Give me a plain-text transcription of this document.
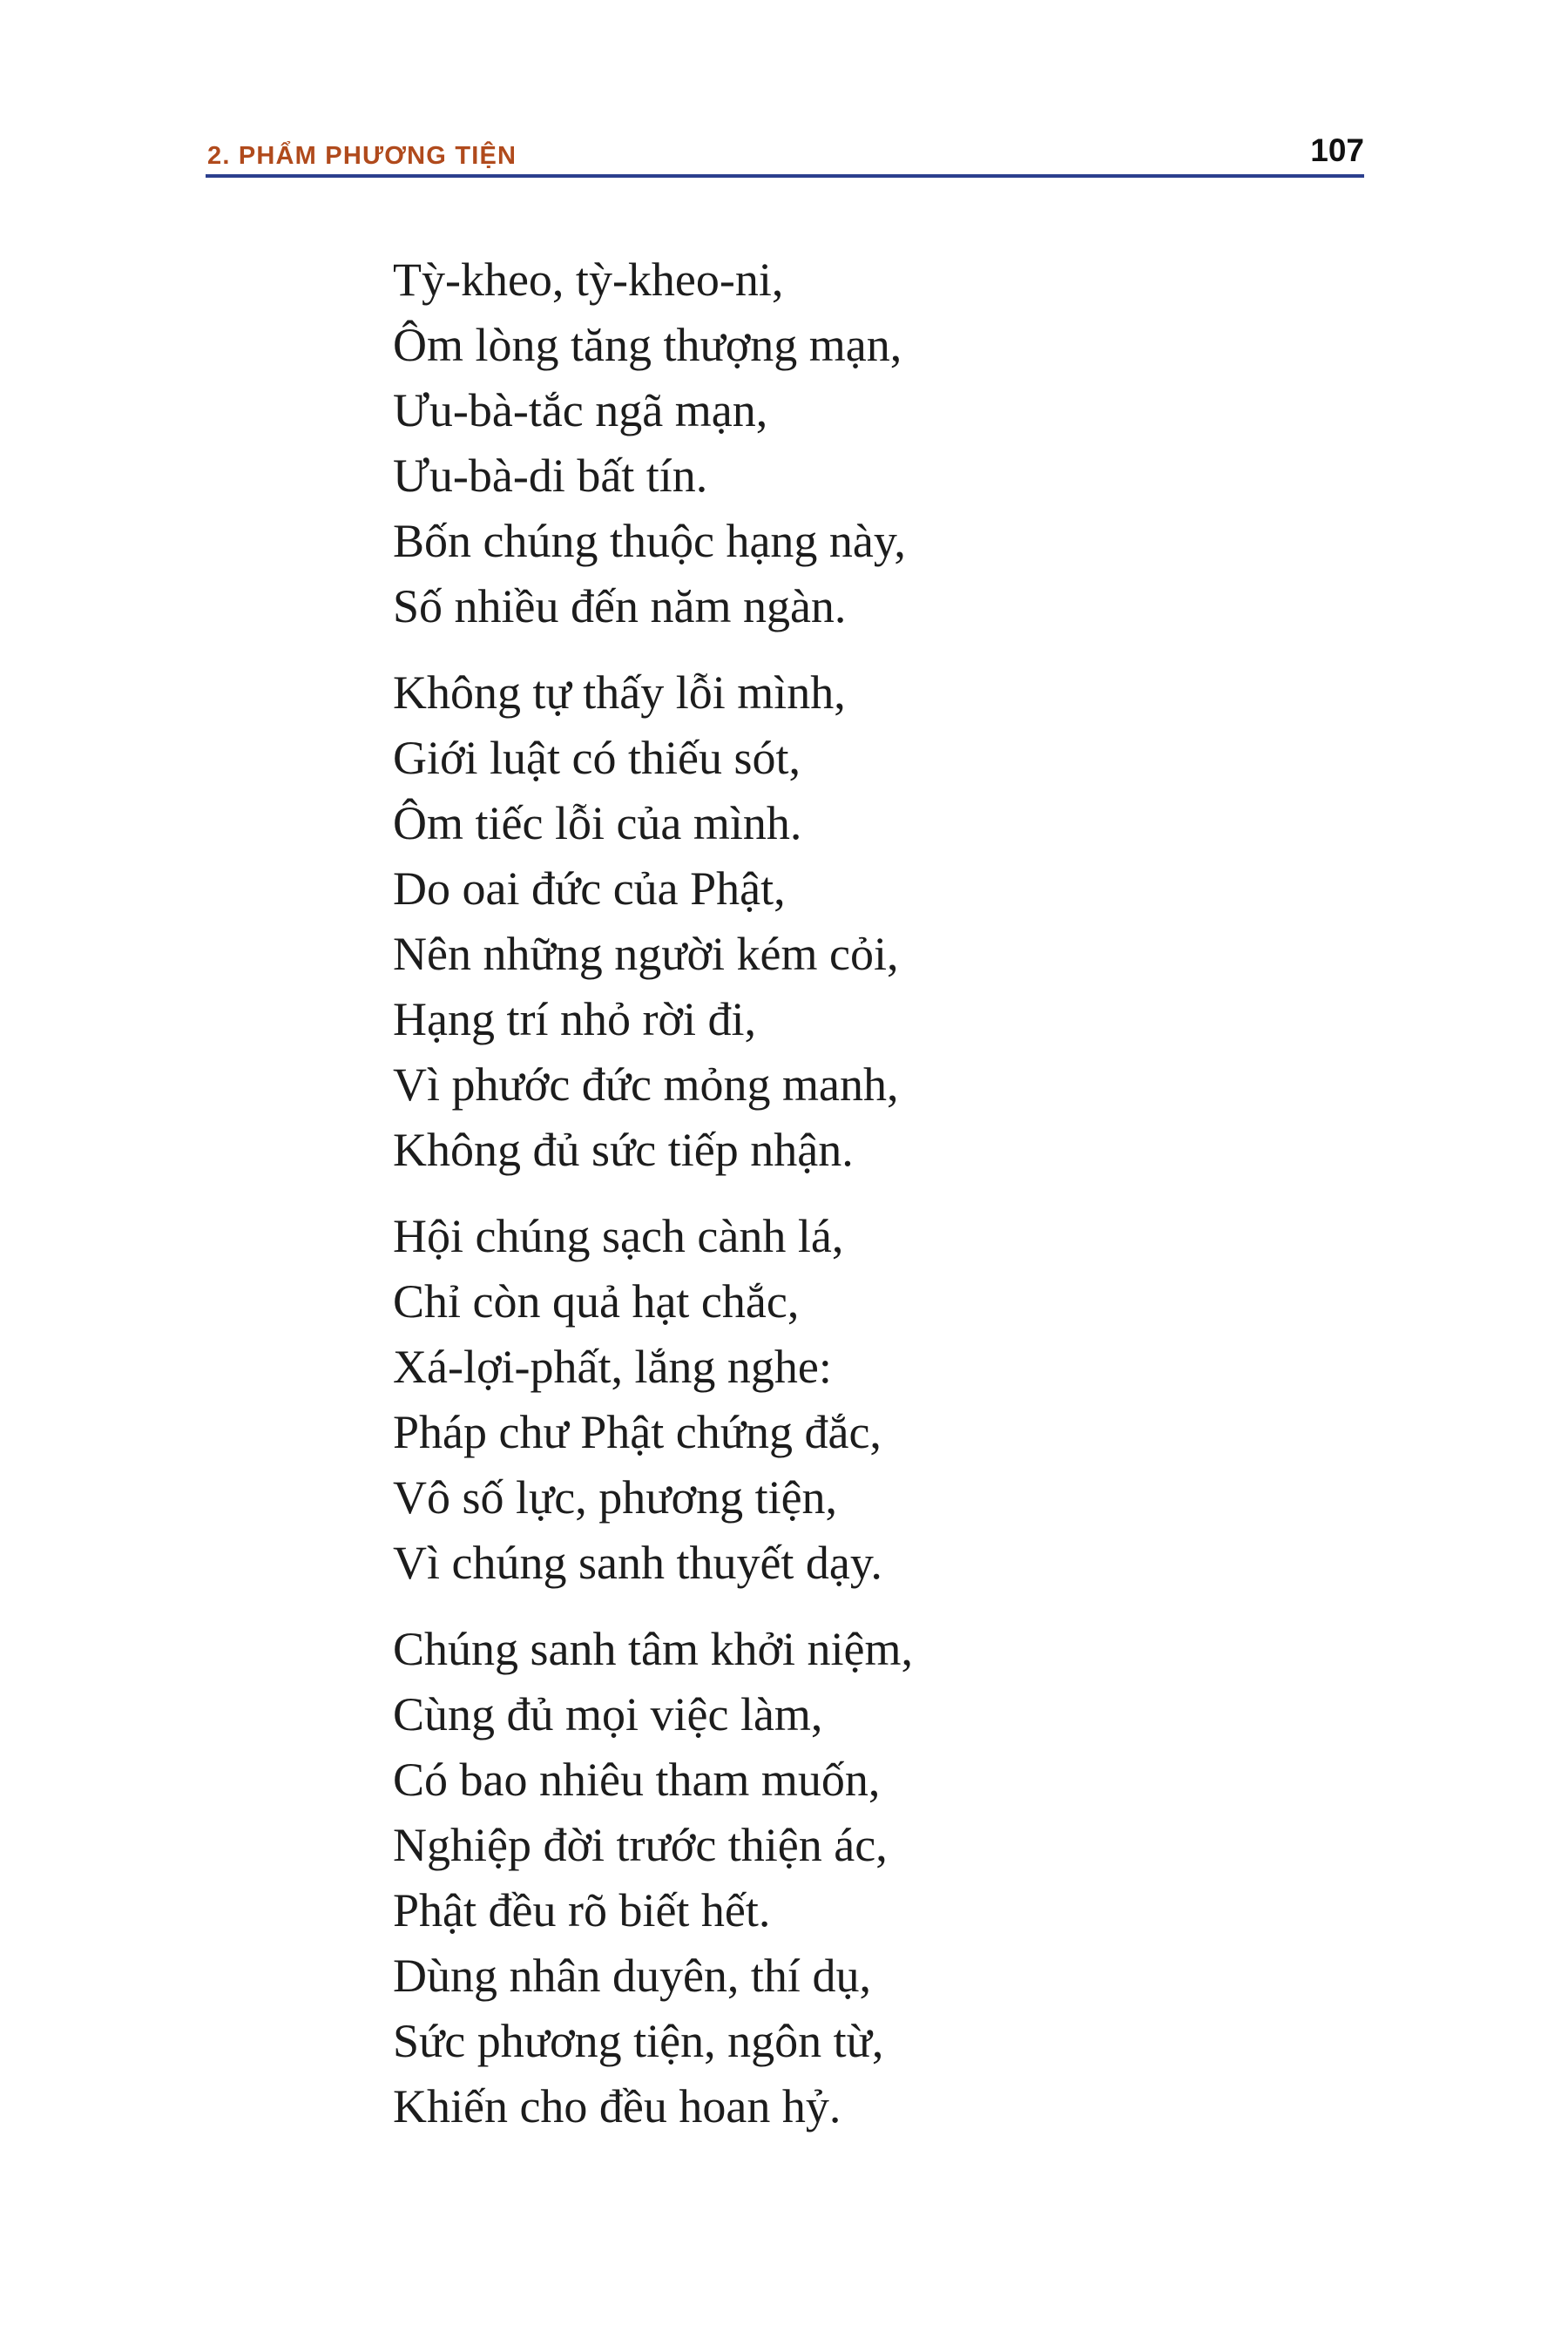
2. PHẨM PHƯƠNG TIỆN	107
Tỳ-kheo, tỳ-kheo-ni,
Ôm lòng tăng thượng mạn,
Ưu-bà-tắc ngã mạn,
Ưu-bà-di bất tín.
Bốn chúng thuộc hạng này,
Số nhiều đến năm ngàn.
Không tự thấy lỗi mình,
Giới luật có thiếu sót,
Ôm tiếc lỗi của mình.
Do oai đức của Phật,
Nên những người kém cỏi,
Hạng trí nhỏ rời đi,
Vì phước đức mỏng manh,
Không đủ sức tiếp nhận.
Hội chúng sạch cành lá,
Chỉ còn quả hạt chắc,
Xá-lợi-phất, lắng nghe:
Pháp chư Phật chứng đắc,
Vô số lực, phương tiện,
Vì chúng sanh thuyết dạy.
Chúng sanh tâm khởi niệm,
Cùng đủ mọi việc làm,
Có bao nhiêu tham muốn,
Nghiệp đời trước thiện ác,
Phật đều rõ biết hết.
Dùng nhân duyên, thí dụ,
Sức phương tiện, ngôn từ,
Khiến cho đều hoan hỷ.
